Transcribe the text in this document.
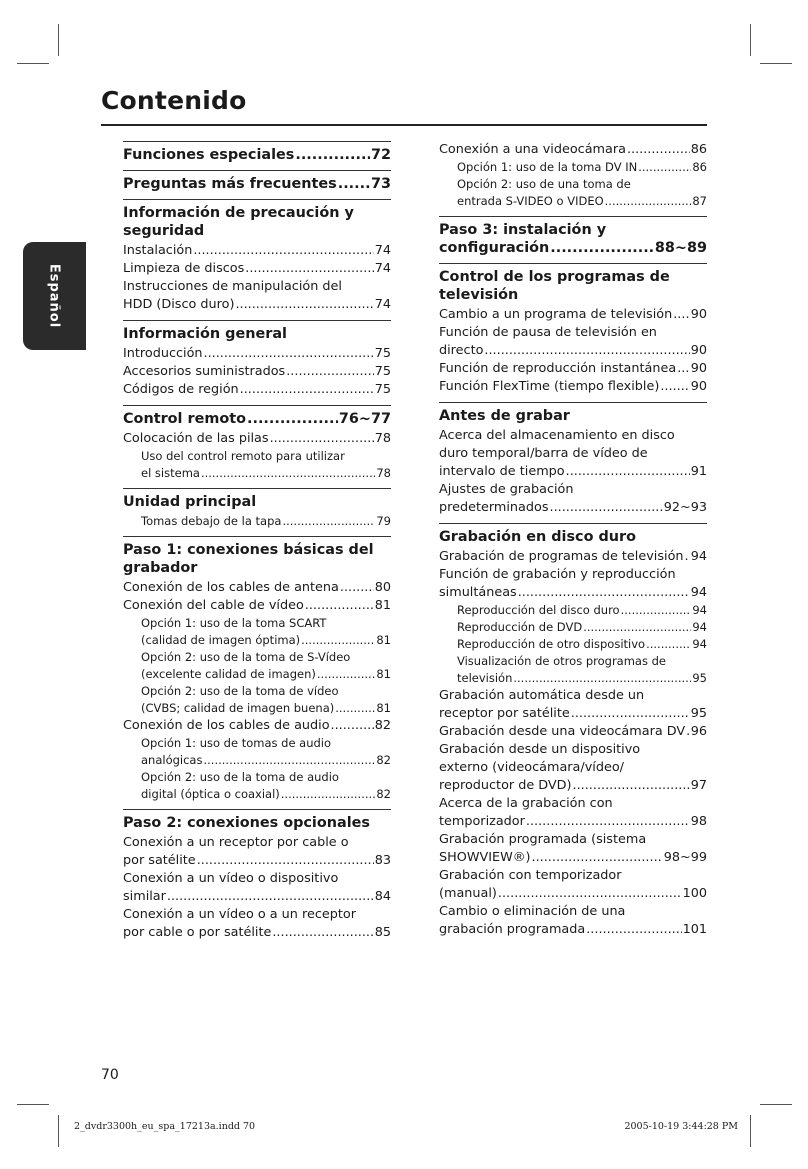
Contenido
Español
Funciones especiales .....	72
Preguntas más frecuentes ..... 73
Información de precaución y seguridad
Instalación .....	74
Limpieza de discos .....	74
Instrucciones de manipulación del
HDD (Disco duro) .....	74
Información general
Introducción .....	75
Accesorios suministrados .....	75
Códigos de región .....	75
Control remoto .....	76~77
Colocación de las pilas .....	78
Uso del control remoto para utilizar
el sistema .....	78
Unidad principal
Tomas debajo de la tapa .....	79
Paso 1: conexiones básicas del grabador
Conexión de los cables de antena .....	80
Conexión del cable de vídeo .....	81
Opción 1: uso de la toma SCART
(calidad de imagen óptima) .....	81
Opción 2: uso de la toma de S-Vídeo
(excelente calidad de imagen) .....	81
Opción 2: uso de la toma de vídeo
(CVBS; calidad de imagen buena) .....	81
Conexión de los cables de audio .....	82
Opción 1: uso de tomas de audio
analógicas .....	82
Opción 2: uso de la toma de audio
digital (óptica o coaxial) .....	82
Paso 2: conexiones opcionales
Conexión a un receptor por cable o
por satélite .....	83
Conexión a un vídeo o dispositivo
similar .....	84
Conexión a un vídeo o a un receptor
por cable o por satélite .....	85
Conexión a una videocámara .....	86
Opción 1: uso de la toma DV IN .....	86
Opción 2: uso de una toma de
entrada S-VIDEO o VIDEO .....	87
Paso 3: instalación y
configuración .....	88~89
Control de los programas de televisión
Cambio a un programa de televisión ..... 90
Función de pausa de televisión en
directo .....	90
Función de reproducción instantánea ..... 90
Función FlexTime (tiempo flexible) ..... 90
Antes de grabar
Acerca del almacenamiento en disco
duro temporal/barra de vídeo de
intervalo de tiempo .....	91
Ajustes de grabación
predeterminados .....	92~93
Grabación en disco duro
Grabación de programas de televisión ..... 94
Función de grabación y reproducción
simultáneas .....	94
Reproducción del disco duro .....	94
Reproducción de DVD .....	94
Reproducción de otro dispositivo .....	94
Visualización de otros programas de
televisión .....	95
Grabación automática desde un
receptor por satélite .....	95
Grabación desde una videocámara DV ..... 96
Grabación desde un dispositivo
externo (videocámara/vídeo/
reproductor de DVD) .....	97
Acerca de la grabación con
temporizador .....	98
Grabación programada (sistema
SHOWVIEW®) .....	98~99
Grabación con temporizador
(manual) .....	100
Cambio o eliminación de una
grabación programada .....	101
70
2_dvdr3300h_eu_spa_17213a.indd 70	2005-10-19 3:44:28 PM
